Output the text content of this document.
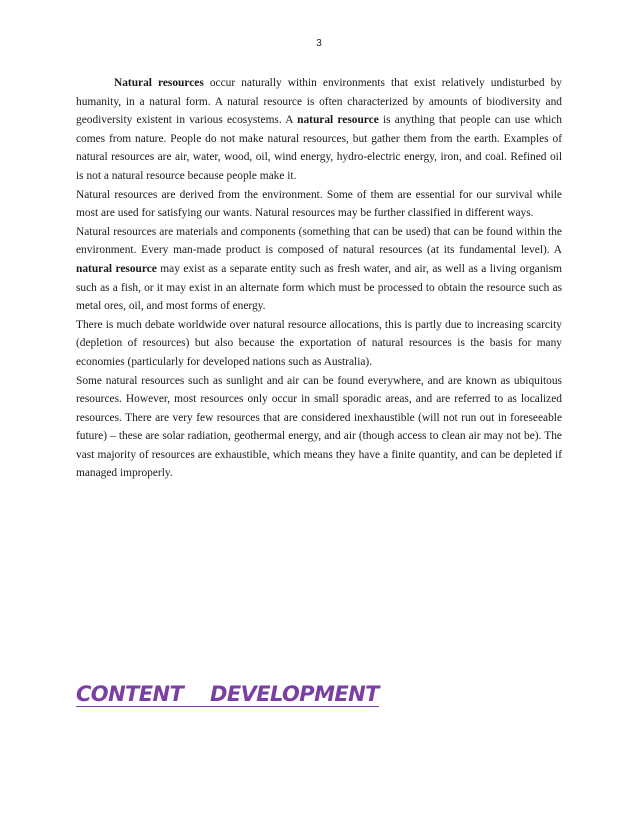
3

Natural resources occur naturally within environments that exist relatively undisturbed by humanity, in a natural form. A natural resource is often characterized by amounts of biodiversity and geodiversity existent in various ecosystems. A natural resource is anything that people can use which comes from nature. People do not make natural resources, but gather them from the earth. Examples of natural resources are air, water, wood, oil, wind energy, hydro-electric energy, iron, and coal. Refined oil is not a natural resource because people make it.

Natural resources are derived from the environment. Some of them are essential for our survival while most are used for satisfying our wants. Natural resources may be further classified in different ways.

Natural resources are materials and components (something that can be used) that can be found within the environment. Every man-made product is composed of natural resources (at its fundamental level). A natural resource may exist as a separate entity such as fresh water, and air, as well as a living organism such as a fish, or it may exist in an alternate form which must be processed to obtain the resource such as metal ores, oil, and most forms of energy.

There is much debate worldwide over natural resource allocations, this is partly due to increasing scarcity (depletion of resources) but also because the exportation of natural resources is the basis for many economies (particularly for developed nations such as Australia).

Some natural resources such as sunlight and air can be found everywhere, and are known as ubiquitous resources. However, most resources only occur in small sporadic areas, and are referred to as localized resources. There are very few resources that are considered inexhaustible (will not run out in foreseeable future) – these are solar radiation, geothermal energy, and air (though access to clean air may not be). The vast majority of resources are exhaustible, which means they have a finite quantity, and can be depleted if managed improperly.

CONTENT    DEVELOPMENT
